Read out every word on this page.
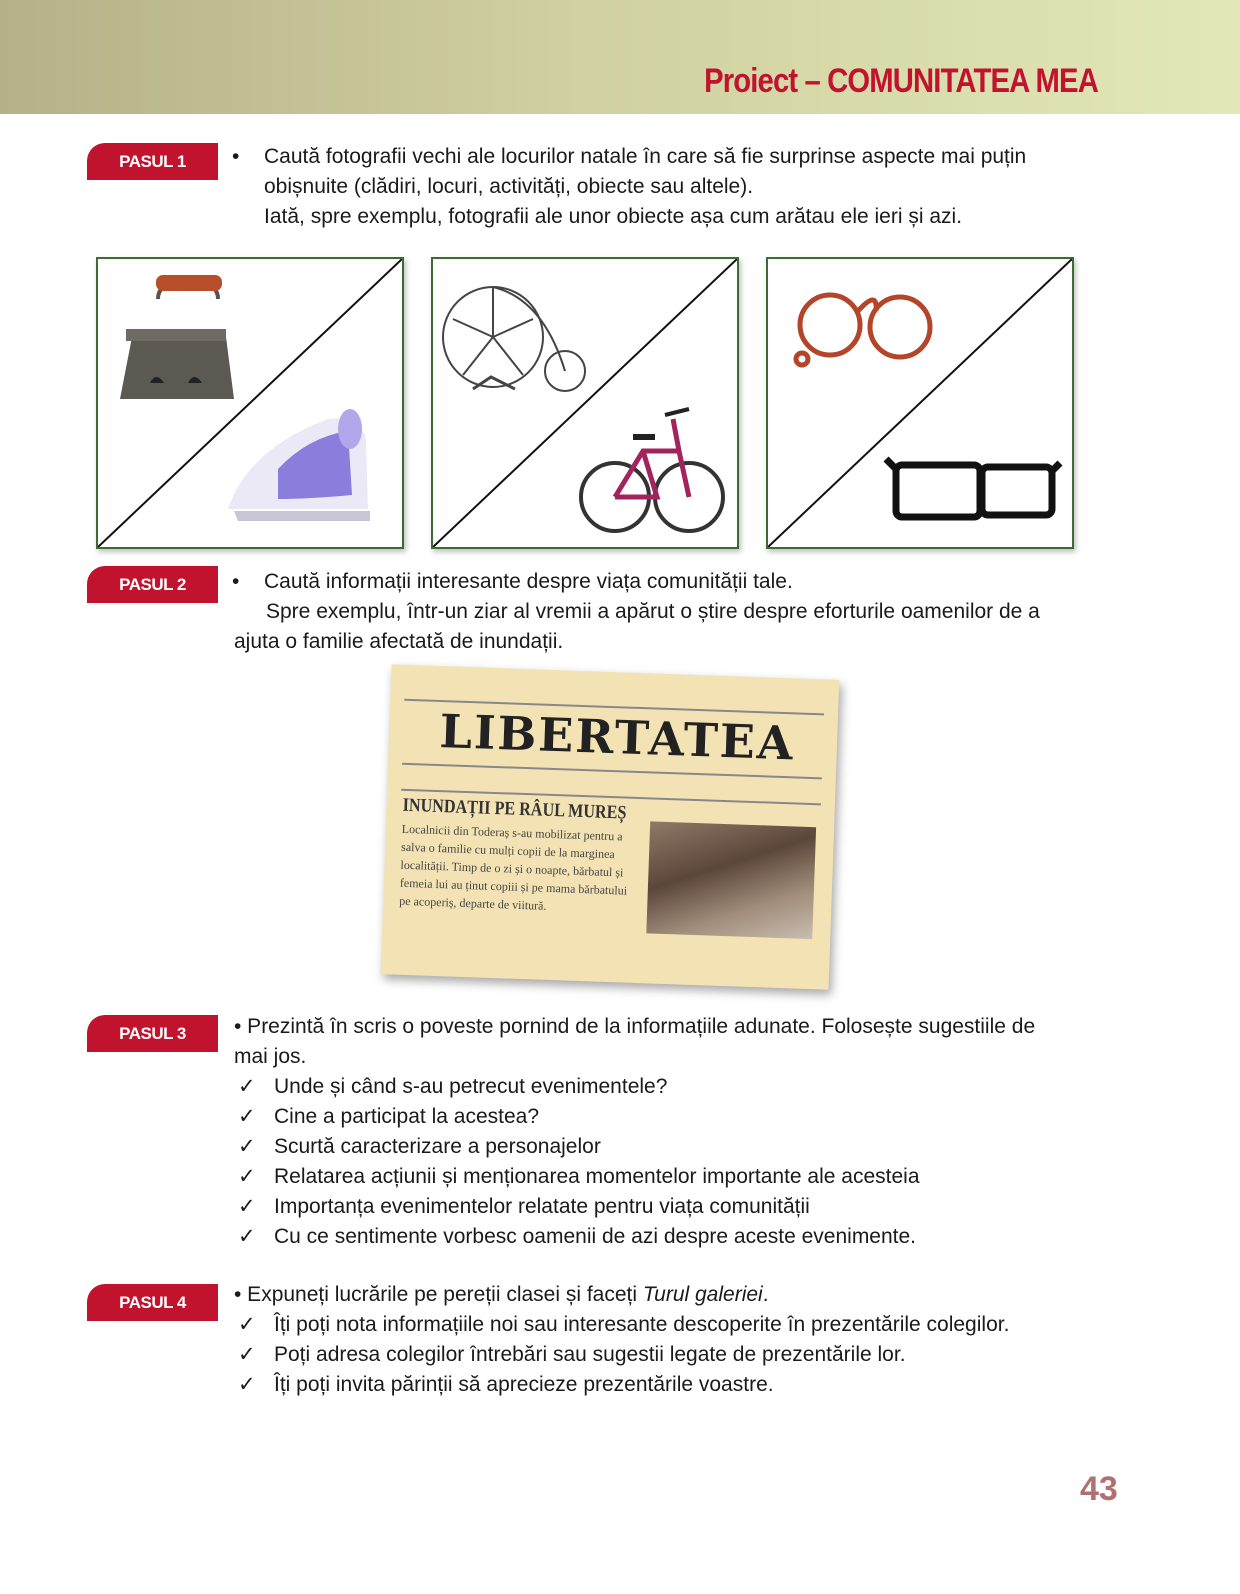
Proiect – COMUNITATEA MEA
PASUL 1	• Caută fotografii vechi ale locurilor natale în care să fie surprinse aspecte mai puțin
obișnuite (clădiri, locuri, activități, obiecte sau altele).
Iată, spre exemplu, fotografii ale unor obiecte așa cum arătau ele ieri și azi.
PASUL 2	• Caută informații interesante despre viața comunității tale.
Spre exemplu, într-un ziar al vremii a apărut o știre despre eforturile oamenilor de a
ajuta o familie afectată de inundații.
LIBERTATEA
INUNDAȚII PE RÂUL MUREȘ
Localnicii din Toderaș s-au mobilizat pentru a salva o familie cu mulți copii de la marginea localității. Timp de o zi și o noapte, bărbatul și femeia lui au ținut copiii și pe mama bărbatului pe acoperiș, departe de viitură.
PASUL 3	• Prezintă în scris o poveste pornind de la informațiile adunate. Folosește sugestiile de
mai jos.
✓ Unde și când s-au petrecut evenimentele?
✓ Cine a participat la acestea?
✓ Scurtă caracterizare a personajelor
✓ Relatarea acțiunii și menționarea momentelor importante ale acesteia
✓ Importanța evenimentelor relatate pentru viața comunității
✓ Cu ce sentimente vorbesc oamenii de azi despre aceste evenimente.
PASUL 4	• Expuneți lucrările pe pereții clasei și faceți Turul galeriei.
✓ Îți poți nota informațiile noi sau interesante descoperite în prezentările colegilor.
✓ Poți adresa colegilor întrebări sau sugestii legate de prezentările lor.
✓ Îți poți invita părinții să aprecieze prezentările voastre.
43
